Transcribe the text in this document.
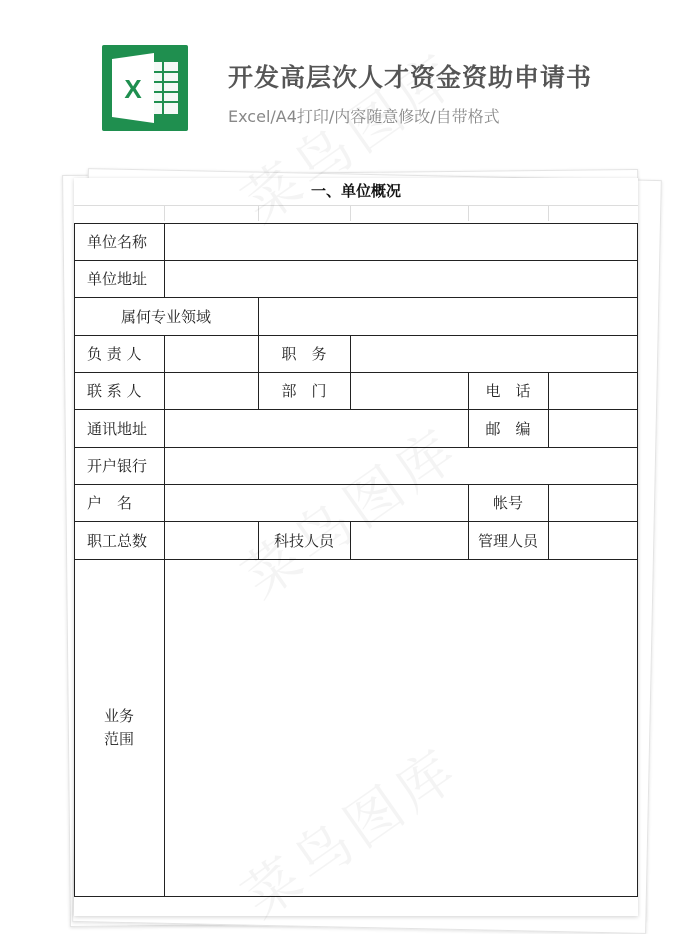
X	开发高层次人才资金资助申请书
Excel/A4打印/内容随意修改/自带格式
一、单位概况
单位名称
单位地址
属何专业领域
负 责 人	职　务
联 系 人	部　门	电　话
通讯地址	邮　编
开户银行
户　名	帐号
职工总数	科技人员	管理人员
业务
范围
